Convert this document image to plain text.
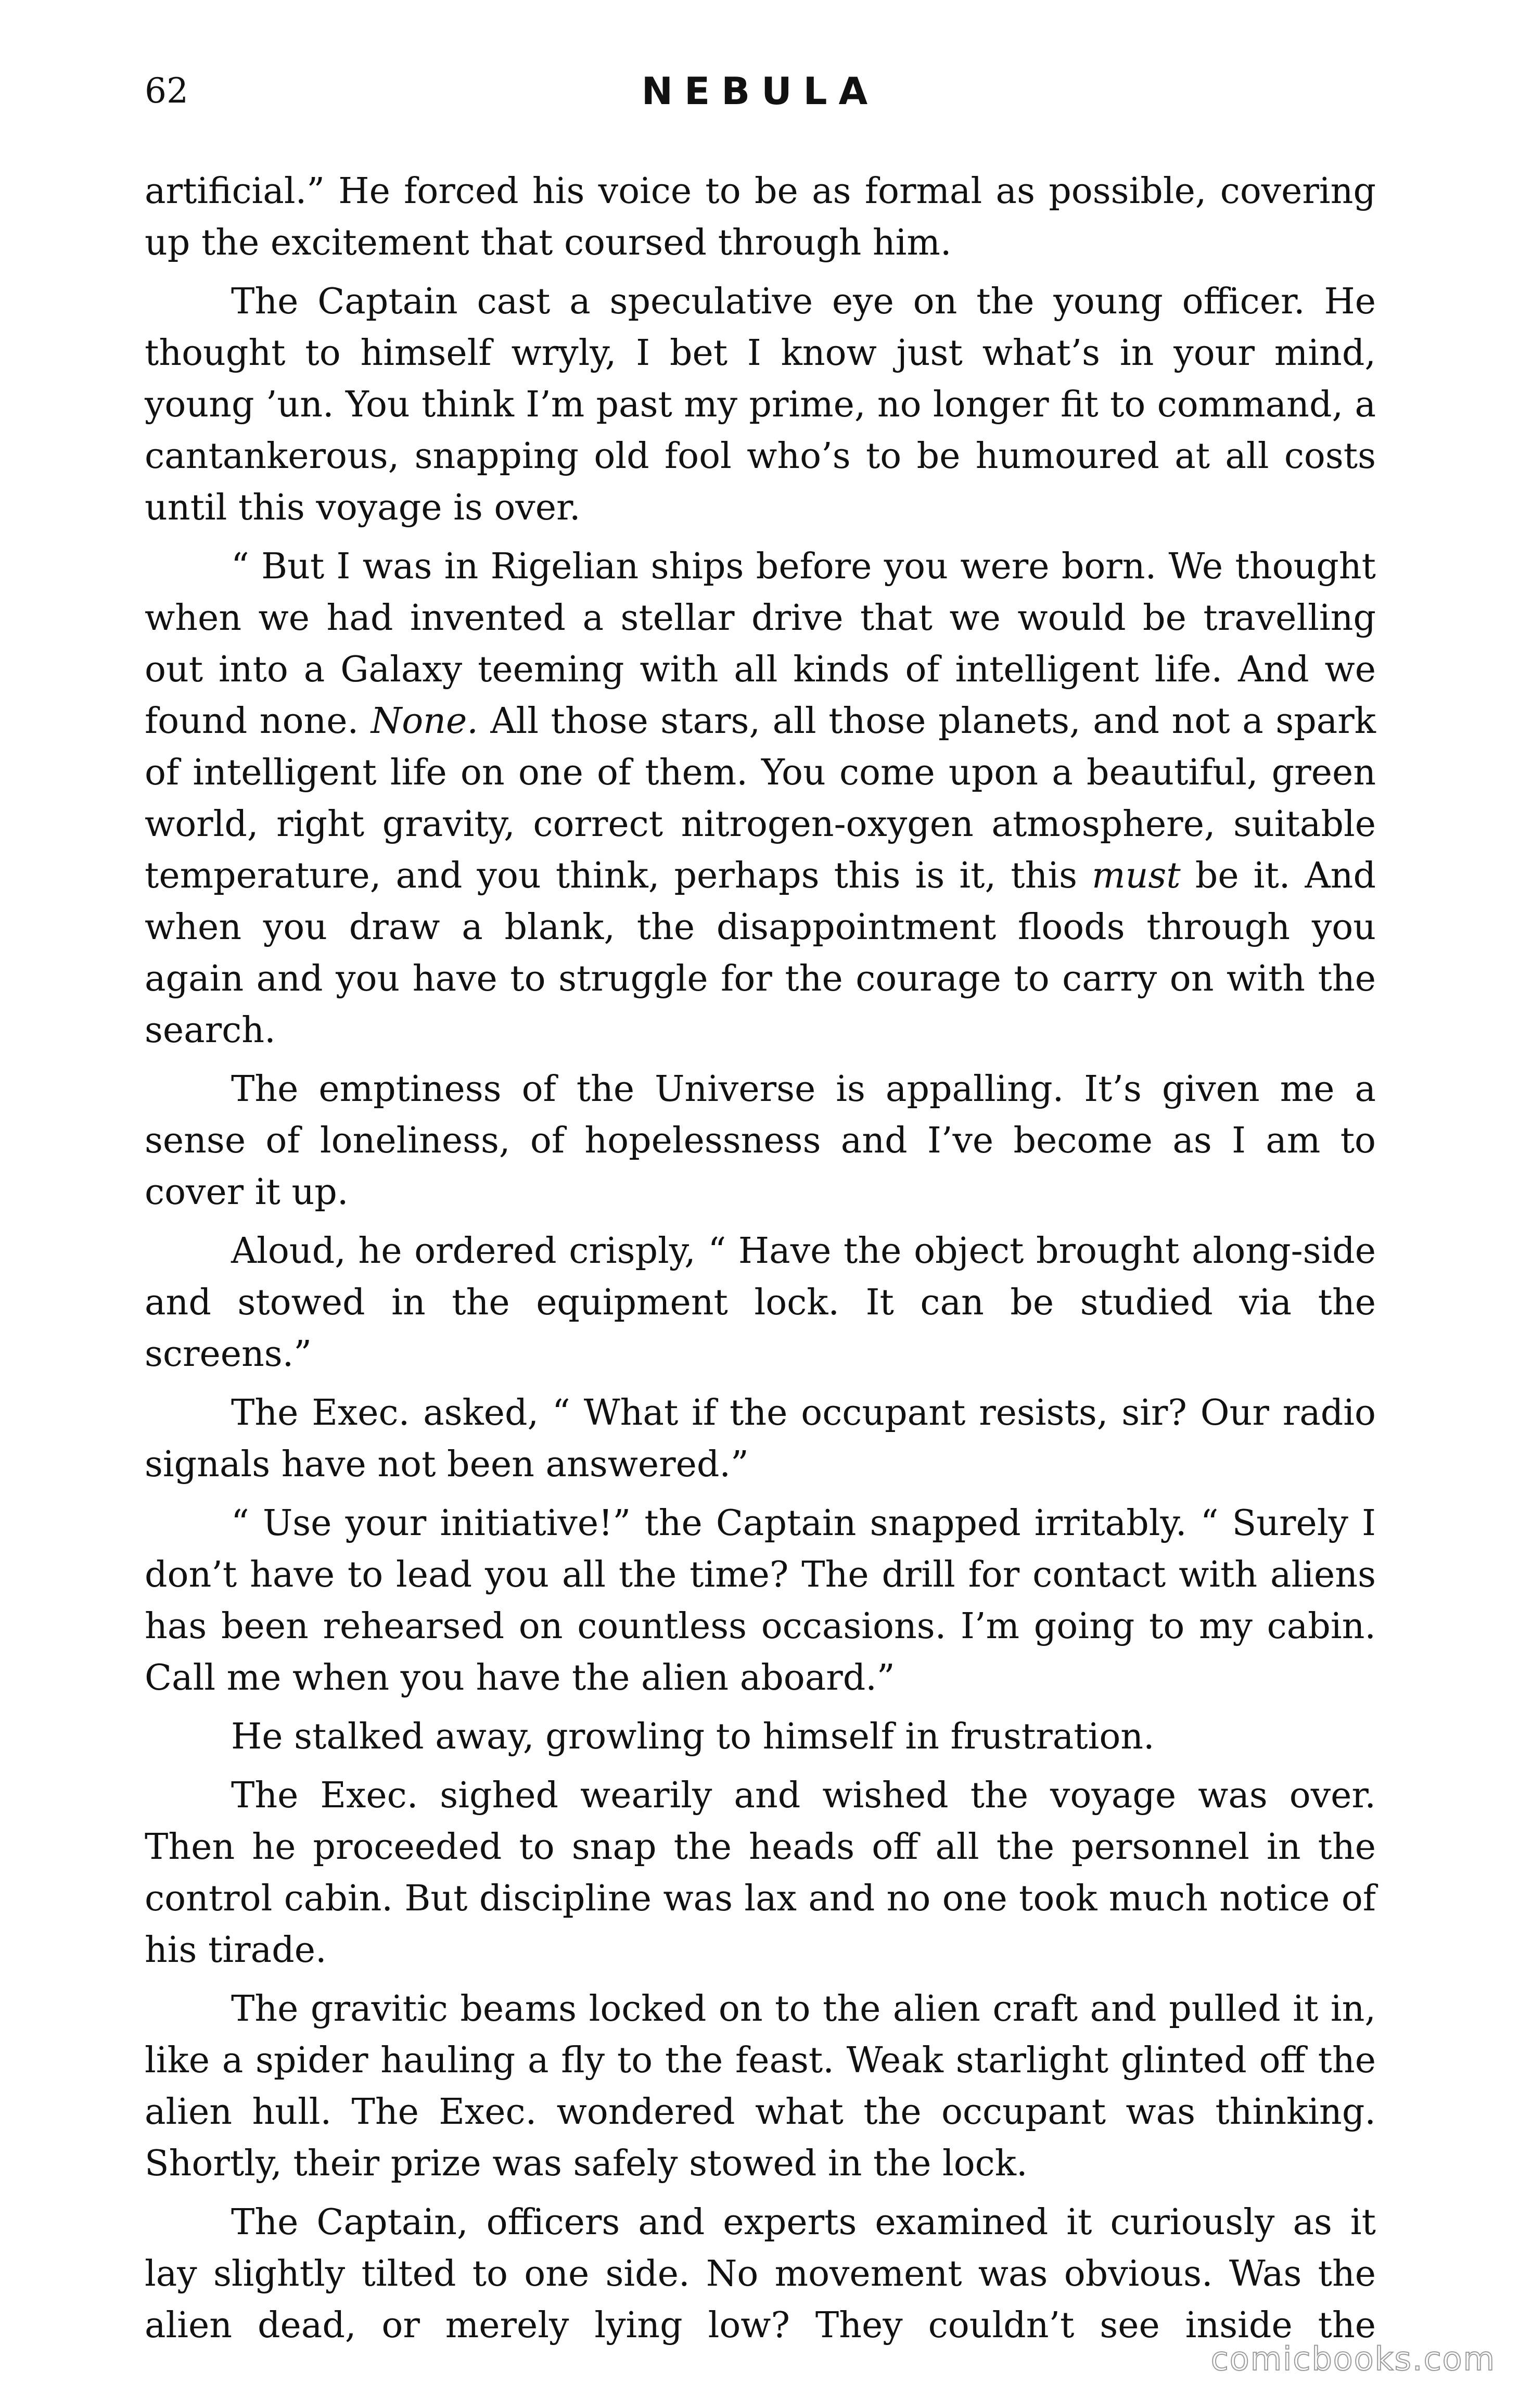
62	NEBULA

artificial.” He forced his voice to be as formal as possible, covering up the excitement that coursed through him.

The Captain cast a speculative eye on the young officer. He thought to himself wryly, I bet I know just what’s in your mind, young ’un. You think I’m past my prime, no longer fit to command, a cantankerous, snapping old fool who’s to be humoured at all costs until this voyage is over.

“ But I was in Rigelian ships before you were born. We thought when we had invented a stellar drive that we would be travelling out into a Galaxy teeming with all kinds of intelligent life. And we found none. None. All those stars, all those planets, and not a spark of intelligent life on one of them. You come upon a beautiful, green world, right gravity, correct nitrogen-oxygen atmosphere, suitable temperature, and you think, perhaps this is it, this must be it. And when you draw a blank, the disappointment floods through you again and you have to struggle for the courage to carry on with the search.

The emptiness of the Universe is appalling. It’s given me a sense of loneliness, of hopelessness and I’ve become as I am to cover it up.

Aloud, he ordered crisply, “ Have the object brought along-side and stowed in the equipment lock. It can be studied via the screens.”

The Exec. asked, “ What if the occupant resists, sir? Our radio signals have not been answered.”

“ Use your initiative!” the Captain snapped irritably. “ Surely I don’t have to lead you all the time? The drill for contact with aliens has been rehearsed on countless occasions. I’m going to my cabin. Call me when you have the alien aboard.”

He stalked away, growling to himself in frustration.

The Exec. sighed wearily and wished the voyage was over. Then he proceeded to snap the heads off all the personnel in the control cabin. But discipline was lax and no one took much notice of his tirade.

The gravitic beams locked on to the alien craft and pulled it in, like a spider hauling a fly to the feast. Weak starlight glinted off the alien hull. The Exec. wondered what the occupant was thinking. Shortly, their prize was safely stowed in the lock.

The Captain, officers and experts examined it curiously as it lay slightly tilted to one side. No movement was obvious. Was the alien dead, or merely lying low? They couldn’t see inside the

comicbooks.com
